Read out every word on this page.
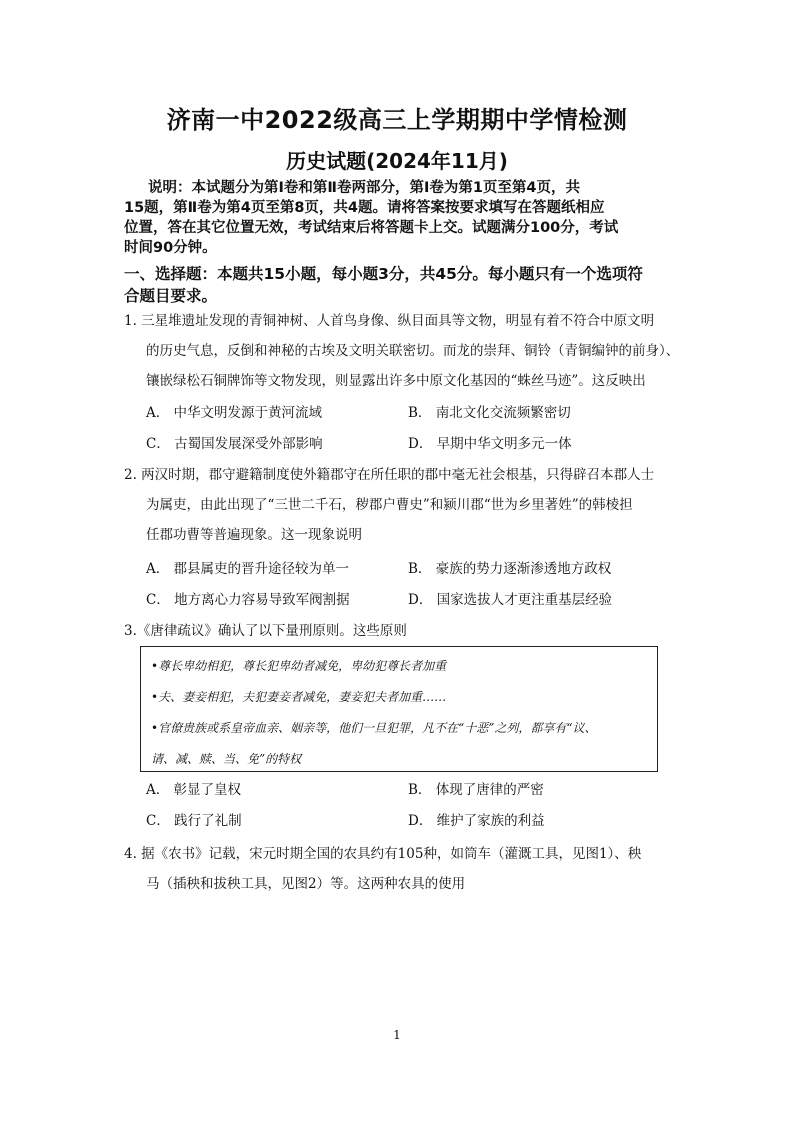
济南一中2022级高三上学期期中学情检测
历史试题(2024年11月)
说明：本试题分为第Ⅰ卷和第Ⅱ卷两部分，第Ⅰ卷为第1页至第4页，共
15题，第Ⅱ卷为第4页至第8页，共4题。请将答案按要求填写在答题纸相应
位置，答在其它位置无效，考试结束后将答题卡上交。试题满分100分，考试
时间90分钟。
一、选择题：本题共15小题，每小题3分，共45分。每小题只有一个选项符
合题目要求。

1. 三星堆遗址发现的青铜神树、人首鸟身像、纵目面具等文物，明显有着不符合中原文明

的历史气息，反倒和神秘的古埃及文明关联密切。而龙的崇拜、铜铃（青铜编钟的前身）、

镶嵌绿松石铜牌饰等文物发现，则显露出许多中原文化基因的“蛛丝马迹”。这反映出

A． 中华文明发源于黄河流域	B． 南北文化交流频繁密切
C． 古蜀国发展深受外部影响	D． 早期中华文明多元一体

2. 两汉时期，郡守避籍制度使外籍郡守在所任职的郡中毫无社会根基，只得辟召本郡人士

为属吏，由此出现了“三世二千石，秽郡户曹史”和颍川郡“世为乡里著姓”的韩棱担

任郡功曹等普遍现象。这一现象说明

A． 郡县属吏的晋升途径较为单一	B． 豪族的势力逐渐渗透地方政权
C． 地方离心力容易导致军阀割据	D． 国家选拔人才更注重基层经验
3.《唐律疏议》确认了以下量刑原则。这些原则

•尊长卑幼相犯，尊长犯卑幼者减免，卑幼犯尊长者加重

•夫、妻妾相犯，夫犯妻妾者减免，妻妾犯夫者加重……

•官僚贵族或系皇帝血亲、姻亲等，他们一旦犯罪，凡不在“十恶”之列，都享有“议、

请、减、赎、当、免”的特权

A． 彰显了皇权	B． 体现了唐律的严密
C． 践行了礼制	D． 维护了家族的利益

4. 据《农书》记载，宋元时期全国的农具约有105种，如筒车（灌溉工具，见图1）、秧

马（插秧和拔秧工具，见图2）等。这两种农具的使用

1
